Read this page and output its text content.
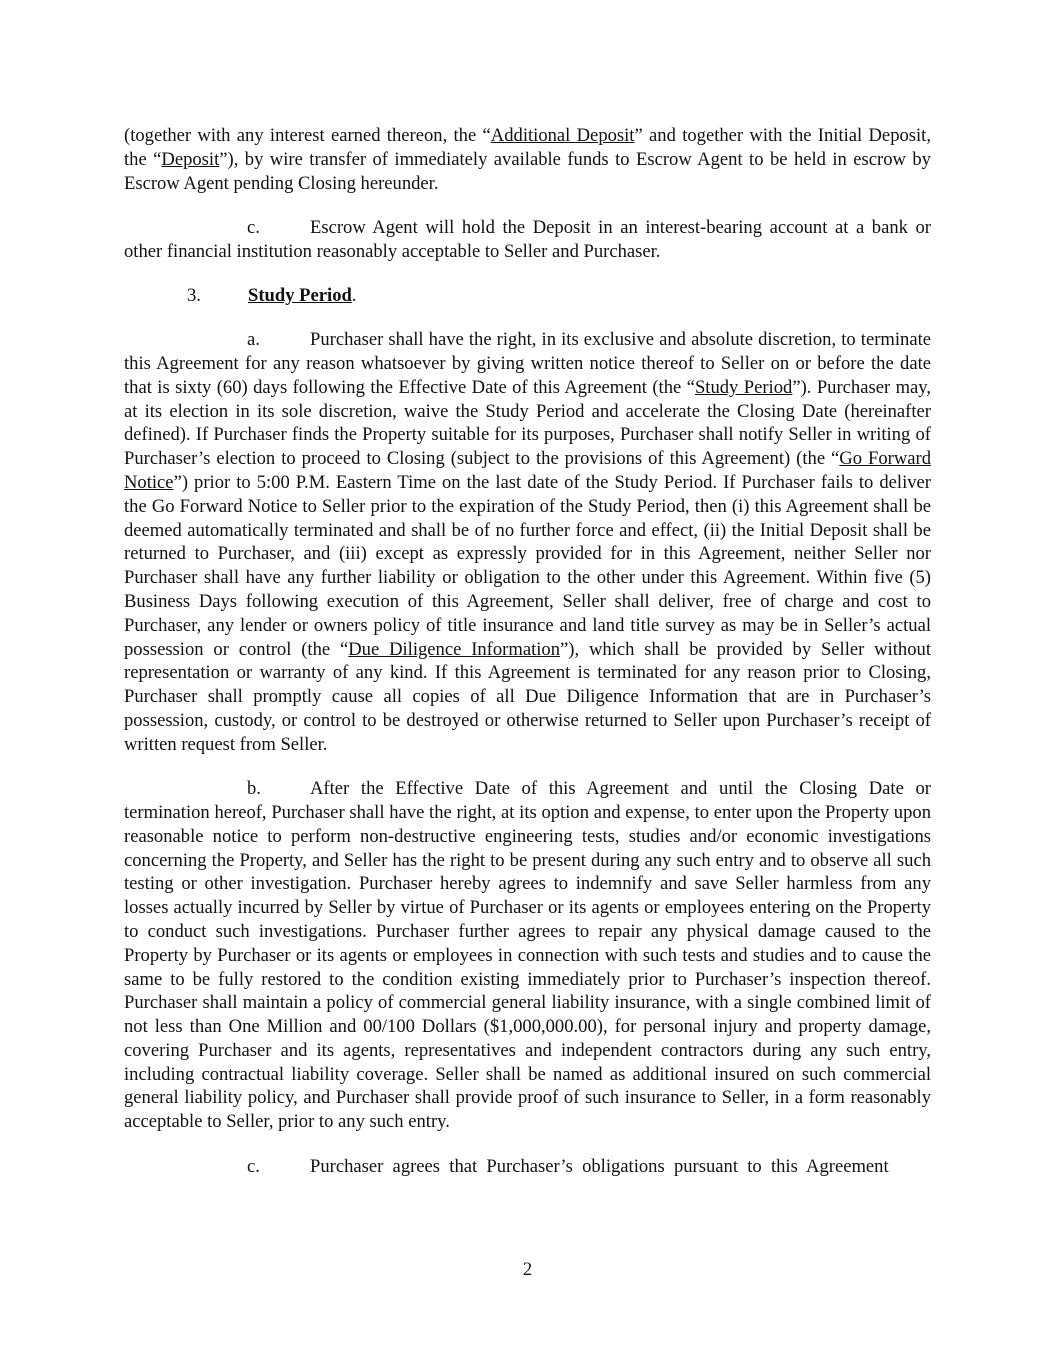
(together with any interest earned thereon, the “Additional Deposit” and together with the Initial Deposit, the “Deposit”), by wire transfer of immediately available funds to Escrow Agent to be held in escrow by Escrow Agent pending Closing hereunder.

c.	Escrow Agent will hold the Deposit in an interest-bearing account at a bank or other financial institution reasonably acceptable to Seller and Purchaser.

3.	Study Period.

a.	Purchaser shall have the right, in its exclusive and absolute discretion, to terminate this Agreement for any reason whatsoever by giving written notice thereof to Seller on or before the date that is sixty (60) days following the Effective Date of this Agreement (the “Study Period”). Purchaser may, at its election in its sole discretion, waive the Study Period and accelerate the Closing Date (hereinafter defined). If Purchaser finds the Property suitable for its purposes, Purchaser shall notify Seller in writing of Purchaser’s election to proceed to Closing (subject to the provisions of this Agreement) (the “Go Forward Notice”) prior to 5:00 P.M. Eastern Time on the last date of the Study Period. If Purchaser fails to deliver the Go Forward Notice to Seller prior to the expiration of the Study Period, then (i) this Agreement shall be deemed automatically terminated and shall be of no further force and effect, (ii) the Initial Deposit shall be returned to Purchaser, and (iii) except as expressly provided for in this Agreement, neither Seller nor Purchaser shall have any further liability or obligation to the other under this Agreement. Within five (5) Business Days following execution of this Agreement, Seller shall deliver, free of charge and cost to Purchaser, any lender or owners policy of title insurance and land title survey as may be in Seller’s actual possession or control (the “Due Diligence Information”), which shall be provided by Seller without representation or warranty of any kind. If this Agreement is terminated for any reason prior to Closing, Purchaser shall promptly cause all copies of all Due Diligence Information that are in Purchaser’s possession, custody, or control to be destroyed or otherwise returned to Seller upon Purchaser’s receipt of written request from Seller.

b.	After the Effective Date of this Agreement and until the Closing Date or termination hereof, Purchaser shall have the right, at its option and expense, to enter upon the Property upon reasonable notice to perform non-destructive engineering tests, studies and/or economic investigations concerning the Property, and Seller has the right to be present during any such entry and to observe all such testing or other investigation. Purchaser hereby agrees to indemnify and save Seller harmless from any losses actually incurred by Seller by virtue of Purchaser or its agents or employees entering on the Property to conduct such investigations. Purchaser further agrees to repair any physical damage caused to the Property by Purchaser or its agents or employees in connection with such tests and studies and to cause the same to be fully restored to the condition existing immediately prior to Purchaser’s inspection thereof. Purchaser shall maintain a policy of commercial general liability insurance, with a single combined limit of not less than One Million and 00/100 Dollars ($1,000,000.00), for personal injury and property damage, covering Purchaser and its agents, representatives and independent contractors during any such entry, including contractual liability coverage. Seller shall be named as additional insured on such commercial general liability policy, and Purchaser shall provide proof of such insurance to Seller, in a form reasonably acceptable to Seller, prior to any such entry.

c.	Purchaser agrees that Purchaser’s obligations pursuant to this Agreement

2
